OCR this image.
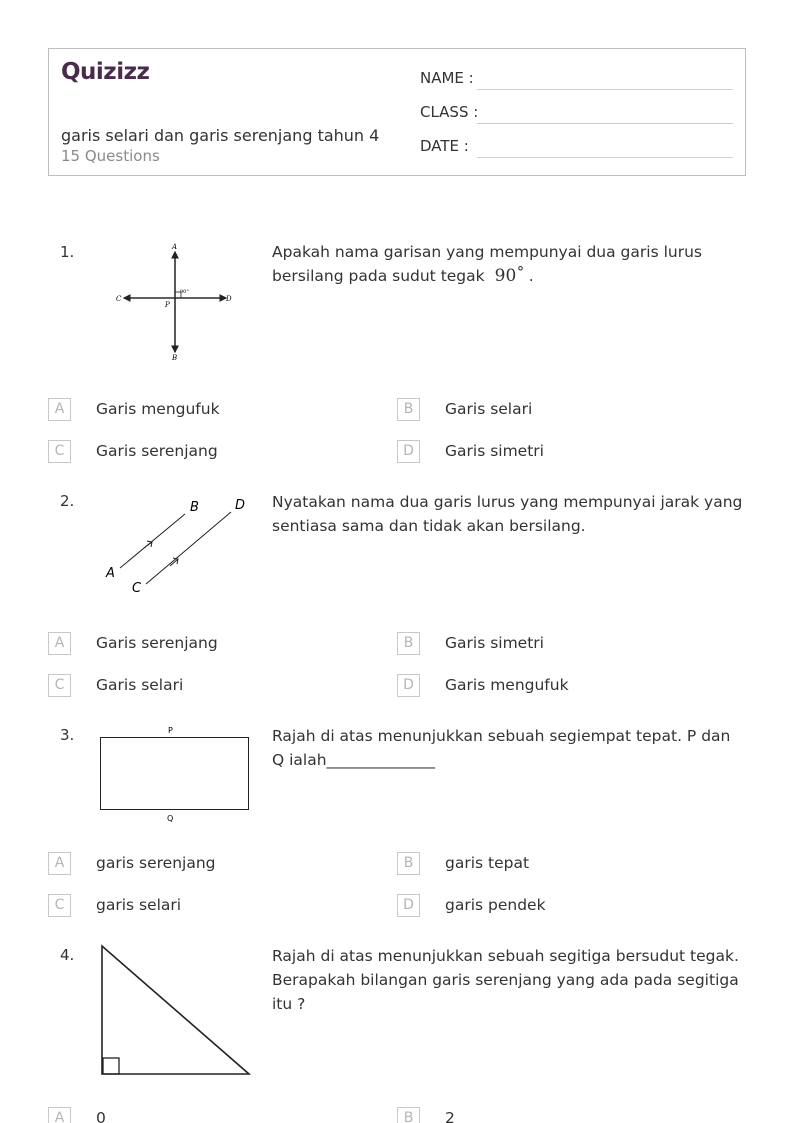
Quizizz
garis selari dan garis serenjang tahun 4
15 Questions
NAME :
CLASS :
DATE :
1.	A
B
C	D
P
90°
Apakah nama garisan yang mempunyai dua garis lurus bersilang pada sudut tegak 90˚ .
A	Garis mengufuk	B	Garis selari
C	Garis serenjang	D	Garis simetri
2.
A
B
C
D Nyatakan nama dua garis lurus yang mempunyai jarak yang sentiasa sama dan tidak akan bersilang.
A	Garis serenjang	B	Garis simetri
C	Garis selari	D	Garis mengufuk
3.	P
Q
Rajah di atas menunjukkan sebuah segiempat tepat. P dan Q ialah______________
A	garis serenjang	B	garis tepat
C	garis selari	D	garis pendek
4.	Rajah di atas menunjukkan sebuah segitiga bersudut tegak. Berapakah bilangan garis serenjang yang ada pada segitiga itu ?
A	0	B	2
